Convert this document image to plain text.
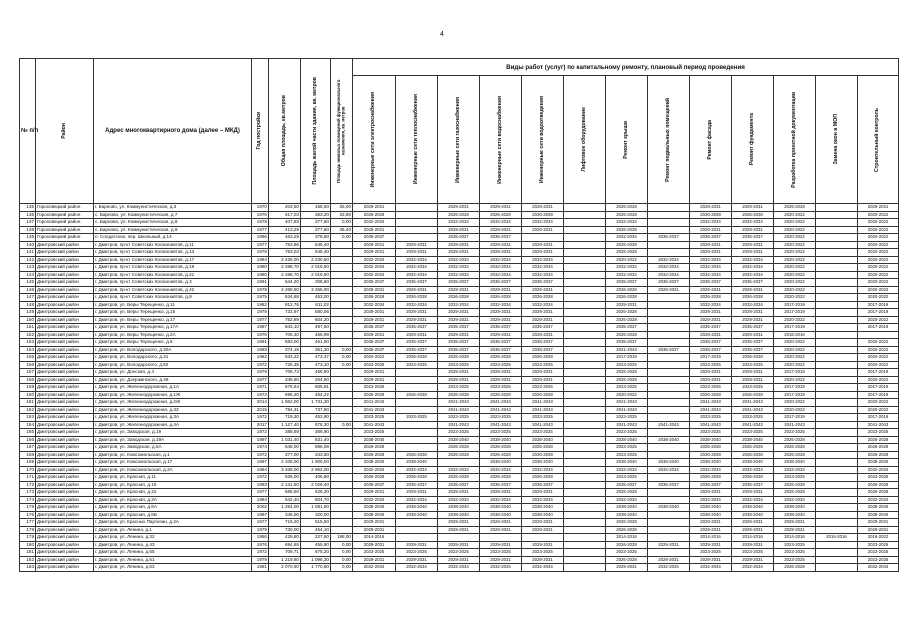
4
№ п/п	Район	Адрес многоквартирного дома (далее – МКД)	Год постройки	Общая площадь, кв.метров	Площадь жилой части здания, кв. метров	Площадь нежилых помещений функционального назначения, кв. метров	Виды работ (услуг) по капитальному ремонту, плановый период проведения												

							Инженерные сети электроснабжения	Инженерные сети теплоснабжения	Инженерные сети газоснабжения	Инженерные сети водоснабжения	Инженерные сети водоотведения	Лифтовое оборудование	Ремонт крыши	Ремонт подвальных помещений	Ремонт фасада	Ремонт фундамента	Разработка проектной документации	Замена окон в МОП	Строительный контроль

135	Гороховецкий район	г. Барново, ул. Коммунистическая, д.3	1970	203,50	168,50	25,00	2029-2031		2029-2031	2029-2031	2029-2031		2026-2028		2029-2031	2029-2031	2026-2028		2029-2031
136	Гороховецкий район	с. Барново, ул. Коммунистическая, д.7	1976	617,03	363,20	33,80	2026-2028		2026-2028	2026-2028	2026-2028		2026-2028		2026-2028	2026-2028	2020-2022		2020-2022
137	Гороховецкий район	с. Барново, ул. Коммунистическая, д.8	1978	407,93	377,60	0,00	2032-2034		2032-2034	2032-2034	2032-2034		2032-2034		2032-2034	2032-2034	2020-2022		2020-2022
138	Гороховецкий район	с. Барново, ул. Коммунистическая, д.9	1977	413,29	377,60	35,40	2029-2031		2029-2031	2029-2031	2029-2031		2026-2028		2029-2031	2029-2031	2020-2022		2020-2022
139	Гороховецкий район	п. Солдатское, пер. Школьный, д.14	1996	463,29	378,80	0,00	2035-2037		2035-2037	2035-2037			2032-2034	2035-2037	2035-2037	2035-2037	2020-2022		2020-2022
140	Дмитровский район	г. Дмитров, пр-кт Советских Космонавтов, д.11	1977	753,86	645,40		2029-2031	2029-2031	2029-2031	2029-2031	2029-2031		2026-2028		2029-2031	2029-2031	2020-2022		2020-2022
141	Дмитровский район	г. Дмитров, пр-кт Советских Космонавтов, д.13	1978	753,03	645,40		2029-2031	2029-2031	2029-2031	2029-2031	2029-2031		2026-2028		2029-2031	2029-2031	2020-2022		2020-2022
142	Дмитровский район	г. Дмитров, пр-кт Советских Космонавтов, д.17	1984	2 436,00	2 230,50		2032-2034	2032-2034	2032-2034	2032-2034	2032-2034		2020-2022	2032-2034	2032-2034	2032-2034	2020-2022		2020-2022
143	Дмитровский район	г. Дмитров, пр-кт Советских Космонавтов, д.19	1980	2 288,70	2 019,50		2032-2034	2032-2034	2032-2034	2032-2034	2032-2034		2032-2034	2032-2034	2032-2034	2032-2034	2020-2022		2020-2022
144	Дмитровский район	г. Дмитров, пр-кт Советских Космонавтов, д.21	1980	2 288,70	2 019,50		2032-2034	2032-2034	2032-2034	2032-2034	2032-2034		2032-2034	2032-2034	2032-2034	2032-2034	2020-2022		2020-2022
145	Дмитровский район	г. Дмитров, пр-кт Советских Космонавтов, д.3	1991	544,20	308,60		2035-2037	2035-2037	2035-2037	2035-2037	2035-2037		2035-2037	2035-2037	2035-2037	2035-2037	2020-2022		2020-2022
146	Дмитровский район	г. Дмитров, пр-кт Советских Космонавтов, д.42	1978	4 265,50	3 265,00		2029-2031	2029-2031	2029-2031	2029-2031	2029-2031		2026-2028	2029-2031	2029-2031	2029-2031	2020-2022		2020-2022
147	Дмитровский район	г. Дмитров, пр-кт Советских Космонавтов, д.9	1975	634,68	453,00		2026-2028	2026-2028	2026-2028	2026-2028	2026-2028		2026-2028		2026-2028	2026-2028	2020-2022		2020-2022
148	Дмитровский район	г. Дмитров, ул. Веры Терещенко, д.11	1982	812,76	611,02		2032-2034	2032-2034	2032-2034	2032-2034	2032-2034		2029-2031		2032-2034	2032-2034	2017-2019		2017-2019
149	Дмитровский район	г. Дмитров, ул. Веры Терещенко, д.15	1979	733,97	580,06		2029-2031	2029-2031	2029-2031	2029-2031	2029-2031		2026-2028		2029-2031	2029-2031	2017-2019		2017-2019
150	Дмитровский район	г. Дмитров, ул. Веры Терещенко, д.17	1977	752,89	604,20		2029-2031	2029-2031	2029-2031	2029-2031	2029-2031		2026-2028		2029-2031	2029-2031	2020-2022		2020-2022
151	Дмитровский район	г. Дмитров, ул. Веры Терещенко, д.17А	1987	843,10	497,50		2035-2037	2035-2037	2035-2037	2035-2037	2035-2037		2035-2037		2035-2037	2035-2037	2017-2019		2017-2019
152	Дмитровский район	г. Дмитров, ул. Веры Терещенко, д.2А	1976	706,40	466,99		2029-2031	2029-2031	2029-2031	2029-2031	2029-2031		2026-2028		2029-2031	2029-2031	2016-2016		
153	Дмитровский район	г. Дмитров, ул. Веры Терещенко, д.5	1991	583,00	461,90		2035-2037	2035-2037	2035-2037	2035-2037	2035-2037		2035-2037		2035-2037	2035-2037	2020-2022		2020-2022
154	Дмитровский район	г. Дмитров, ул. Володарского, д.30А	1993	374,18	351,30	0,00	2035-2037	2035-2037	2035-2037	2035-2037	2035-2037		2041-2043	2035-2037	2035-2037	2035-2037	2020-2022		2020-2022
155	Дмитровский район	г. Дмитров, ул. Володарского, д.31	1962	633,22	473,47	0,00	2020-2022	2026-2028	2026-2028	2026-2028	2026-2028		2017-2019		2017-2019	2026-2028	2020-2022		2020-2022
156	Дмитровский район	г. Дмитров, ул. Володарского, д.50	1972	725,35	473,10	0,00	2023-2025	2023-2025	2023-2025	2023-2025	2023-2025		2023-2025		2023-2025	2023-2025	2020-2022		2020-2022
157	Дмитровский район	г. Дмитров, ул. Донская, д.4	1979	706,73	468,90		2029-2031		2029-2031	2029-2031	2029-2031		2026-2028		2029-2031	2029-2031	2017-2019		2017-2019
158	Дмитровский район	г. Дмитров, ул. Дзержинского, д.48	1977	345,60	264,90		2029-2031		2029-2031	2029-2031	2029-2031		2026-2028		2029-2031	2029-2031	2020-2022		2020-2022
159	Дмитровский район	г. Дмитров, ул. Железнодорожная, д.1А	1971	678,64	605,81		2023-2025		2023-2025	2023-2025	2023-2025		2023-2025		2023-2025	2023-2025	2017-2019		2017-2019
160	Дмитровский район	г. Дмитров, ул. Железнодорожная, д.1Ж	1973	696,20	464,22		2026-2028	2026-2028	2026-2028	2026-2028	2026-2028		2020-2022		2026-2028	2026-2028	2017-2019		2017-2019
161	Дмитровский район	г. Дмитров, ул. Железнодорожная, д.2Ж	2014	1 962,00	1 731,30		2041-2043		2041-2043	2041-2043	2041-2043		2041-2043		2041-2043	2041-2043	2020-2022		2020-2022
162	Дмитровский район	г. Дмитров, ул. Железнодорожная, д.33	2015	794,31	737,50		2041-2043		2041-2043	2041-2043	2041-2043		2041-2043		2041-2043	2041-2043	2020-2022		2020-2022
163	Дмитровский район	г. Дмитров, ул. Железнодорожная, д.3А	1972	719,30	453,90		2023-2025	2023-2025	2023-2025	2023-2025	2023-2025		2023-2025		2023-2025	2023-2025	2017-2019		2017-2019
164	Дмитровский район	г. Дмитров, ул. Железнодорожная, д.4А	2017	1 127,40	678,30	0,00	2041-2043		2041-2043	2041-2043	2041-2043		2041-2043	2041-2043	2041-2043	2041-2043	2041-2043		2041-2043
165	Дмитровский район	г. Дмитров, ул. Заводская, д.19	1972	388,59	366,90		2023-2025		2023-2025	2023-2025	2023-2025		2023-2025		2023-2025	2023-2025	2023-2025		2023-2025
166	Дмитровский район	г. Дмитров, ул. Заводская, д.19А	1997	1 031,40	831,40		2038-2040		2038-2040	2038-2040	2038-2040		2038-2040	2038-2040	2038-2040	2038-2040	2026-2028		2026-2028
167	Дмитровский район	г. Дмитров, ул. Заводская, д.5А	1974	648,00	596,08		2026-2028		2026-2028	2026-2028	2026-2028		2023-2025		2026-2028	2026-2028	2026-2028		2026-2028
168	Дмитровский район	г. Дмитров, ул. Комсомольская, д.1	1972	377,00	343,50		2026-2028	2026-2028	2026-2028	2026-2028	2026-2028		2023-2025		2026-2028	2026-2028	2026-2028		2026-2028
169	Дмитровский район	г. Дмитров, ул. Комсомольская, д.17	1997	2 106,00	1 906,00		2038-2040	2038-2040		2038-2040	2038-2040		2038-2040	2038-2040	2038-2040	2038-2040	2038-2040		2038-2040
170	Дмитровский район	г. Дмитров, ул. Комсомольская, д.2А	1984	3 336,00	2 962,00		2032-2034	2032-2034	2032-2034	2032-2034	2032-2034		2032-2034	2032-2034	2032-2034	2032-2034	2032-2034		2032-2034
171	Дмитровский район	г. Дмитров, ул. Красная, д.11	1972	636,00	406,80		2026-2028	2026-2028	2026-2028	2026-2028	2026-2028		2023-2025		2026-2028	2026-2028	2023-2025		2023-2025
172	Дмитровский район	г. Дмитров, ул. Красная, д.16	1993	2 131,50	2 026,40		2035-2037	2035-2037	2035-2037	2035-2037	2035-2037		2035-2037	2035-2037	2035-2037	2035-2037	2026-2028		2026-2028
173	Дмитровский район	г. Дмитров, ул. Красная, д.22	1977	685,50	626,20		2029-2031	2029-2031	2029-2031	2029-2031	2029-2031		2026-2028		2029-2031	2029-2031	2026-2028		2026-2028
174	Дмитровский район	г. Дмитров, ул. Красная, д.3А	1984	542,40	504,70		2032-2034	2032-2034	2032-2034	2032-2034	2032-2034		2032-2034		2032-2034	2032-2034	2032-2034		2032-2034
175	Дмитровский район	г. Дмитров, ул. Красная, д.6А	2002	1 254,00	1 081,50		2038-2040	2038-2040	2038-2040	2038-2040	2038-2040		2038-2040	2038-2040	2038-2040	2038-2040	2038-2040		2038-2040
176	Дмитровский район	г. Дмитров, ул. Красная, д.6Б	1997	346,00	320,00		2038-2040	2038-2040	2038-2040	2038-2040	2038-2040		2038-2040		2038-2040	2038-2040	2038-2040		2038-2040
177	Дмитровский район	г. Дмитров, ул. Красных Партизан, д.2А	1977	716,20	515,50		2029-2031		2029-2031	2029-2031	2029-2031		2026-2028		2029-2031	2029-2031	2029-2031		2029-2031
178	Дмитровский район	г. Дмитров, ул. Ленина, д.1	1979	730,00	454,10		2029-2031		2029-2031	2029-2031	2029-2031		2026-2028		2029-2031	2029-2031	2029-2031		2029-2031
179	Дмитровский район	г. Дмитров, ул. Ленина, д.32	1956	425,80	227,80	198,00	2014-2016						2014-2016		2014-2016	2014-2016	2014-2016	2016-2016	2016-2022
180	Дмитровский район	г. Дмитров, ул. Ленина, д.43	1976	694,65	455,90	0,00	2029-2031	2029-2031	2029-2031	2029-2031	2029-2031		2026-2028	2029-2031	2029-2031	2029-2031	2023-2025		2023-2025
181	Дмитровский район	г. Дмитров, ул. Ленина, д.55	1972	708,71	675,20	0,00	2023-2025	2023-2025	2023-2025	2023-2025	2023-2025		2023-2025		2023-2025	2023-2025	2023-2025		2023-2025
182	Дмитровский район	г. Дмитров, ул. Ленина, д.61	1979	1 219,80	1 096,30	0,00	2029-2031	2029-2031	2029-2031	2029-2031	2029-2031		2026-2028	2029-2031	2029-2031	2029-2031	2023-2025		2023-2025
183	Дмитровский район	г. Дмитров, ул. Ленина, д.63	1981	2 070,50	1 770,80	0,00	2032-2034	2032-2034	2032-2034	2032-2034	2032-2034		2029-2031	2032-2034	2032-2034	2032-2034	2026-2028		2032-2034
